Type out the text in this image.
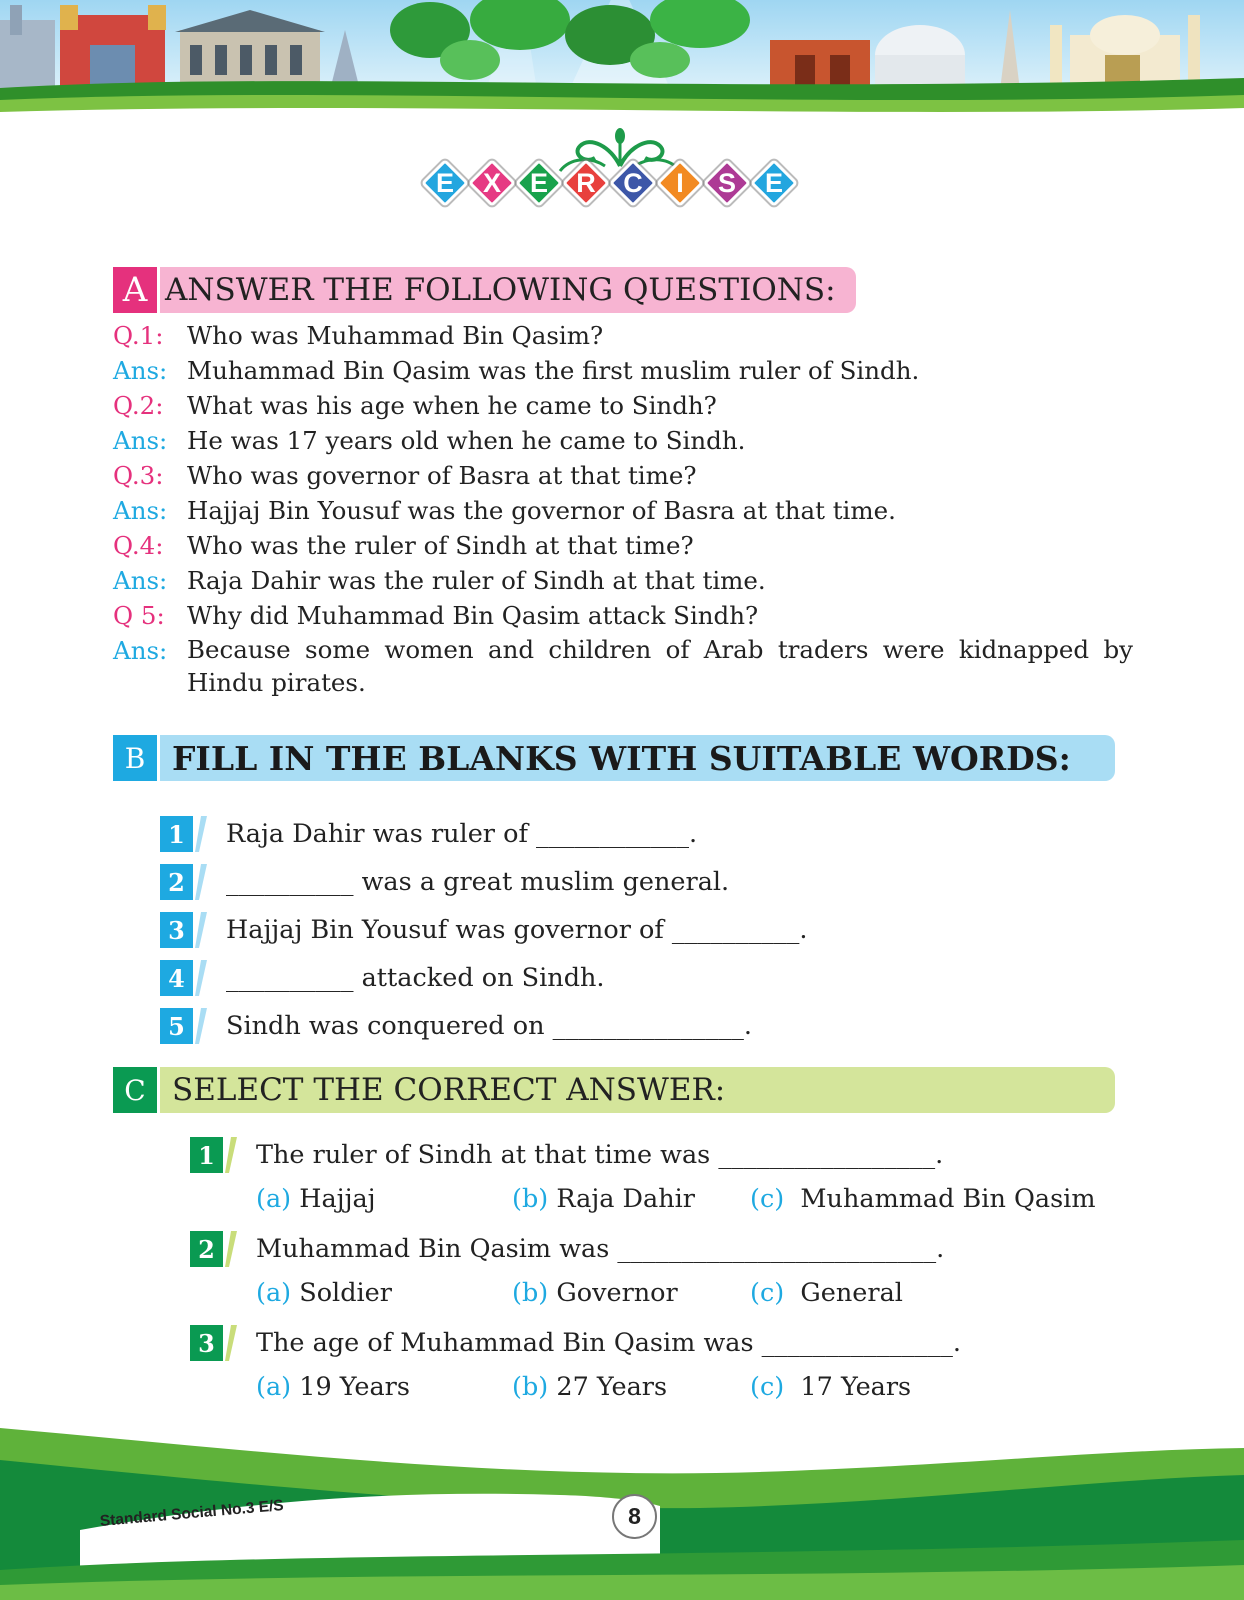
E	X	E	R	C	I	S	E
A ANSWER THE FOLLOWING QUESTIONS:
Q.1: Who was Muhammad Bin Qasim?
Ans: Muhammad Bin Qasim was the first muslim ruler of Sindh.
Q.2: What was his age when he came to Sindh?
Ans: He was 17 years old when he came to Sindh.
Q.3: Who was governor of Basra at that time?
Ans: Hajjaj Bin Yousuf was the governor of Basra at that time.
Q.4: Who was the ruler of Sindh at that time?
Ans: Raja Dahir was the ruler of Sindh at that time.
Q 5: Why did Muhammad Bin Qasim attack Sindh?
Ans: Because some women and children of Arab traders were kidnapped by Hindu pirates.
B FILL IN THE BLANKS WITH SUITABLE WORDS:
1	Raja Dahir was ruler of ____________.
2	__________ was a great muslim general.
3	Hajjaj Bin Yousuf was governor of __________.
4	__________ attacked on Sindh.
5	Sindh was conquered on _______________.
C SELECT THE CORRECT ANSWER:
1	The ruler of Sindh at that time was _________________.
(a) Hajjaj	(b) Raja Dahir (c) Muhammad Bin Qasim
2	Muhammad Bin Qasim was _________________________.
(a) Soldier	(b) Governor	(c) General
3	The age of Muhammad Bin Qasim was _______________.
(a) 19 Years	(b) 27 Years	(c) 17 Years
Standard Social No.3 E/S	8
